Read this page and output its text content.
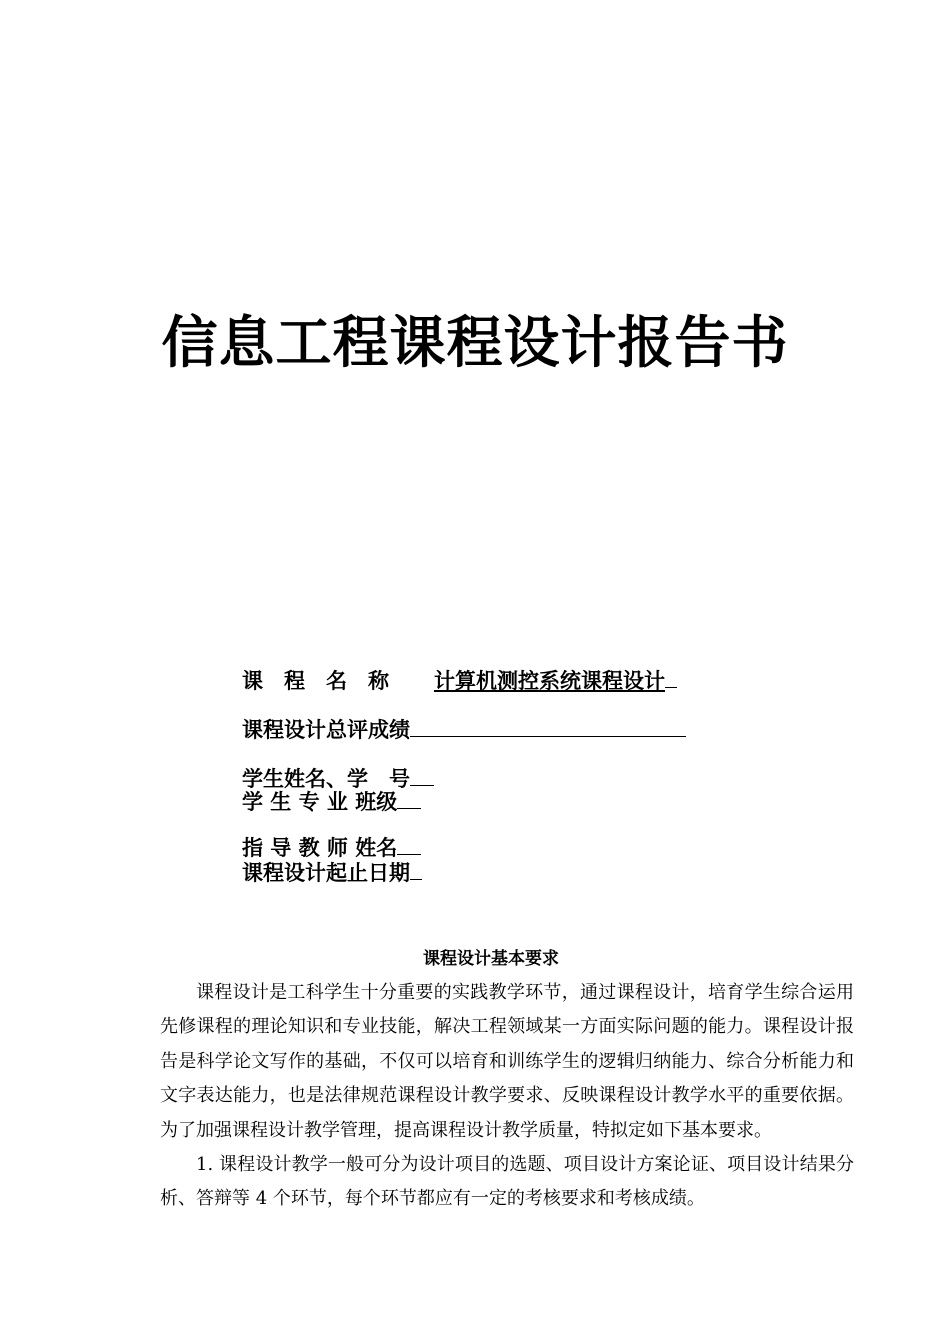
信息工程课程设计报告书
课　程　名　称 计算机测控系统课程设计
课程设计总评成绩
学生姓名、学　号
学 生 专 业 班级
指 导 教 师 姓名
课程设计起止日期
课程设计基本要求

课程设计是工科学生十分重要的实践教学环节，通过课程设计，培育学生综合运用先修课程的理论知识和专业技能，解决工程领域某一方面实际问题的能力。课程设计报告是科学论文写作的基础，不仅可以培育和训练学生的逻辑归纳能力、综合分析能力和文字表达能力，也是法律规范课程设计教学要求、反映课程设计教学水平的重要依据。为了加强课程设计教学管理，提高课程设计教学质量，特拟定如下基本要求。

1. 课程设计教学一般可分为设计项目的选题、项目设计方案论证、项目设计结果分析、答辩等 4 个环节，每个环节都应有一定的考核要求和考核成绩。
